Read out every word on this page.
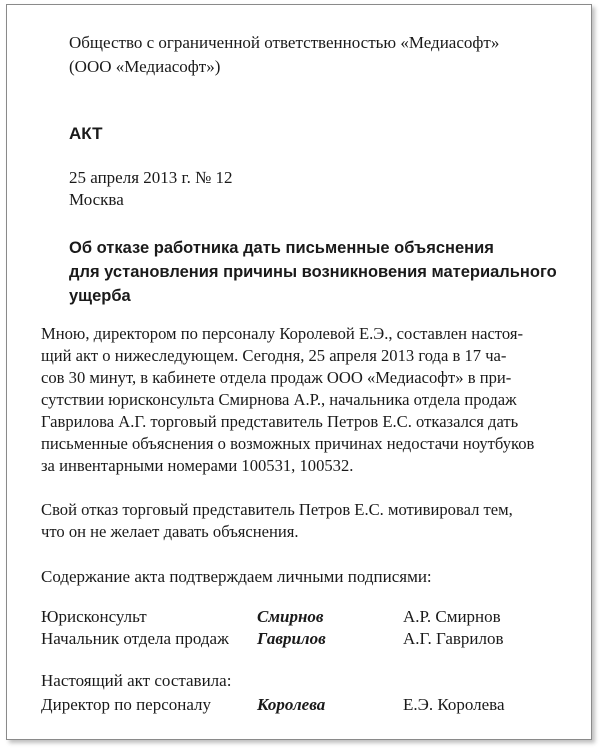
Общество с ограниченной ответственностью «Медиасофт»

(ООО «Медиасофт»)

АКТ

25 апреля 2013 г. № 12

Москва

Об отказе работника дать письменные объяснения

для установления причины возникновения материального

ущерба

Мною, директором по персоналу Королевой Е.Э., составлен настоя-
щий акт о нижеследующем. Сегодня, 25 апреля 2013 года в 17 ча-
сов 30 минут, в кабинете отдела продаж ООО «Медиасофт» в при-
сутствии юрисконсульта Смирнова А.Р., начальника отдела продаж
Гаврилова А.Г. торговый представитель Петров Е.С. отказался дать
письменные объяснения о возможных причинах недостачи ноутбуков
за инвентарными номерами 100531, 100532.
Свой отказ торговый представитель Петров Е.С. мотивировал тем,
что он не желает давать объяснения.

Содержание акта подтверждаем личными подписями:

Юрисконсульт	Смирнов	А.Р. Смирнов

Начальник отдела продаж Гаврилов	А.Г. Гаврилов

Настоящий акт составила:

Директор по персоналу	Королева	Е.Э. Королева
